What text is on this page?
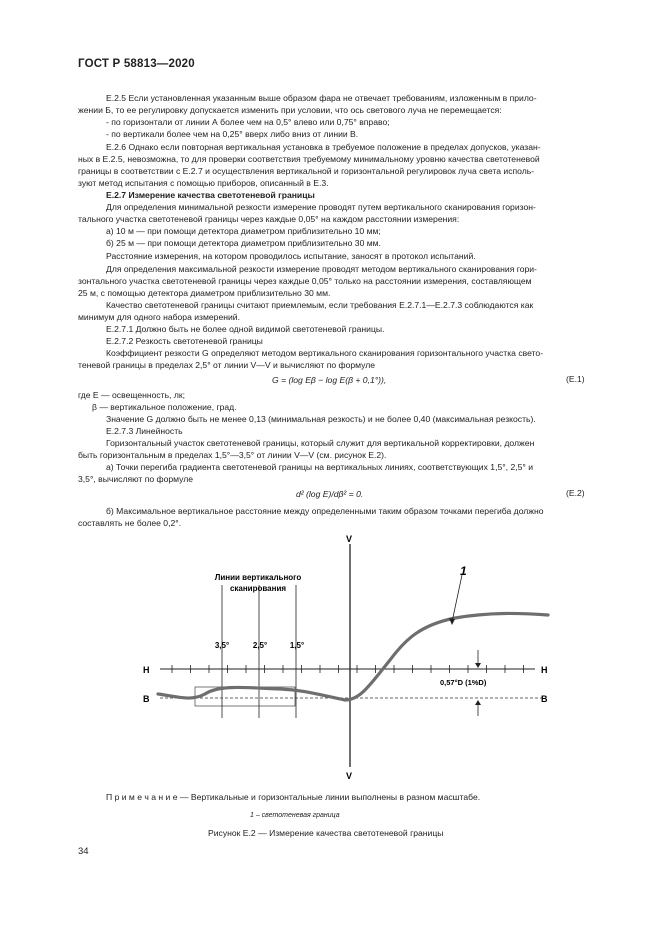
ГОСТ Р 58813—2020
Е.2.5 Если установленная указанным выше образом фара не отвечает требованиям, изложенным в прило-
жении Б, то ее регулировку допускается изменить при условии, что ось светового луча не перемещается:
- по горизонтали от линии А более чем на 0,5° влево или 0,75° вправо;
- по вертикали более чем на 0,25° вверх либо вниз от линии В.
Е.2.6 Однако если повторная вертикальная установка в требуемое положение в пределах допусков, указан-
ных в Е.2.5, невозможна, то для проверки соответствия требуемому минимальному уровню качества светотеневой
границы в соответствии с Е.2.7 и осуществления вертикальной и горизонтальной регулировок луча света исполь-
зуют метод испытания с помощью приборов, описанный в Е.3.
Е.2.7 Измерение качества светотеневой границы
Для определения минимальной резкости измерение проводят путем вертикального сканирования горизон-
тального участка светотеневой границы через каждые 0,05° на каждом расстоянии измерения:
а) 10 м — при помощи детектора диаметром приблизительно 10 мм;
б) 25 м — при помощи детектора диаметром приблизительно 30 мм.
Расстояние измерения, на котором проводилось испытание, заносят в протокол испытаний.
Для определения максимальной резкости измерение проводят методом вертикального сканирования гори-
зонтального участка светотеневой границы через каждые 0,05° только на расстоянии измерения, составляющем
25 м, с помощью детектора диаметром приблизительно 30 мм.
Качество светотеневой границы считают приемлемым, если требования Е.2.7.1—Е.2.7.3 соблюдаются как
минимум для одного набора измерений.
Е.2.7.1 Должно быть не более одной видимой светотеневой границы.
Е.2.7.2 Резкость светотеневой границы
Коэффициент резкости G определяют методом вертикального сканирования горизонтального участка свето-
теневой границы в пределах 2,5° от линии V—V и вычисляют по формуле
G = (log Eβ − log E(β + 0,1°)),	(Е.1)
где Е — освещенность, лк;
β — вертикальное положение, град.
Значение G должно быть не менее 0,13 (минимальная резкость) и не более 0,40 (максимальная резкость).
Е.2.7.3 Линейность
Горизонтальный участок светотеневой границы, который служит для вертикальной корректировки, должен
быть горизонтальным в пределах 1,5°—3,5° от линии V—V (см. рисунок Е.2).
а) Точки перегиба градиента светотеневой границы на вертикальных линиях, соответствующих 1,5°, 2,5° и
3,5°, вычисляют по формуле
d² (log E)/dβ² = 0.	(Е.2)
б) Максимальное вертикальное расстояние между определенными таким образом точками перегиба должно
составлять не более 0,2°.
V
V
H	H
B	B
Линии вертикального
сканирования
3,5°	2,5°	1,5°
0,57°D (1%D)
1
П р и м е ч а н и е — Вертикальные и горизонтальные линии выполнены в разном масштабе.
1 – светотеневая граница
Рисунок Е.2 — Измерение качества светотеневой границы
34
